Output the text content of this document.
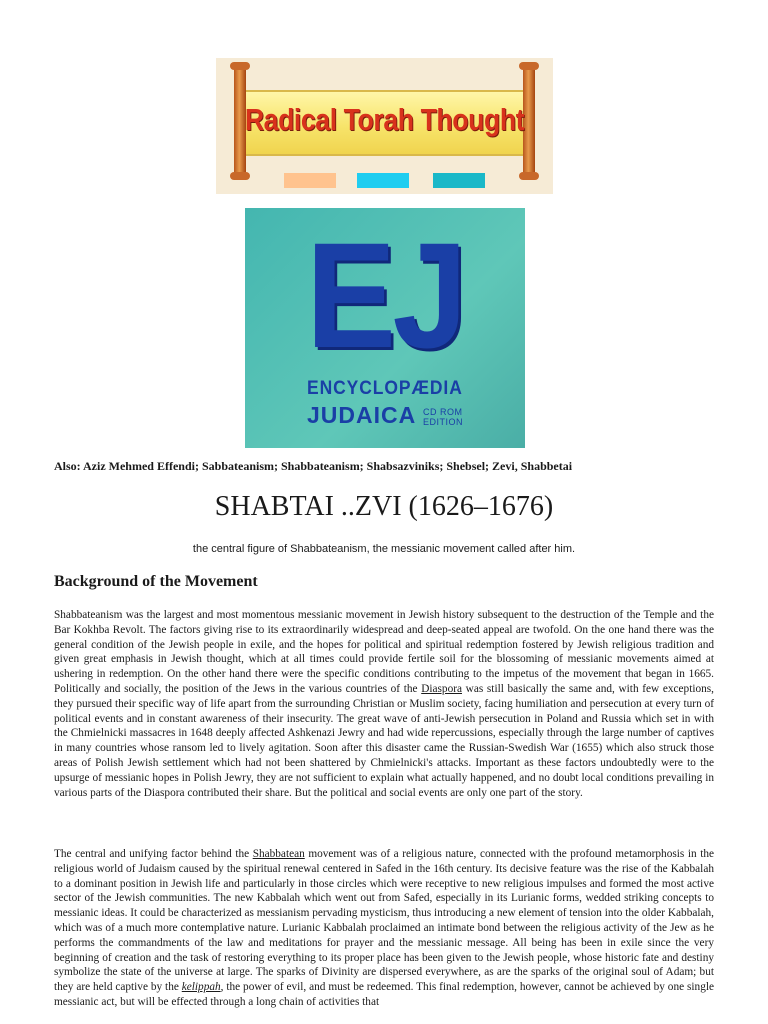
Radical Torah Thought
EJ
ENCYCLOPÆDIA
JUDAICA CD ROM EDITION
Also: Aziz Mehmed Effendi; Sabbateanism; Shabbateanism; Shabsazviniks; Shebsel; Zevi, Shabbetai
SHABTAI ..ZVI (1626–1676)
the central figure of Shabbateanism, the messianic movement called after him.
Background of the Movement

Shabbateanism was the largest and most momentous messianic movement in Jewish history subsequent to the destruction of the Temple and the Bar Kokhba Revolt. The factors giving rise to its extraordinarily widespread and deep-seated appeal are twofold. On the one hand there was the general condition of the Jewish people in exile, and the hopes for political and spiritual redemption fostered by Jewish religious tradition and given great emphasis in Jewish thought, which at all times could provide fertile soil for the blossoming of messianic movements aimed at ushering in redemption. On the other hand there were the specific conditions contributing to the impetus of the movement that began in 1665. Politically and socially, the position of the Jews in the various countries of the Diaspora was still basically the same and, with few exceptions, they pursued their specific way of life apart from the surrounding Christian or Muslim society, facing humiliation and persecution at every turn of political events and in constant awareness of their insecurity. The great wave of anti-Jewish persecution in Poland and Russia which set in with the Chmielnicki massacres in 1648 deeply affected Ashkenazi Jewry and had wide repercussions, especially through the large number of captives in many countries whose ransom led to lively agitation. Soon after this disaster came the Russian-Swedish War (1655) which also struck those areas of Polish Jewish settlement which had not been shattered by Chmielnicki's attacks. Important as these factors undoubtedly were to the upsurge of messianic hopes in Polish Jewry, they are not sufficient to explain what actually happened, and no doubt local conditions prevailing in various parts of the Diaspora contributed their share. But the political and social events are only one part of the story.

The central and unifying factor behind the Shabbatean movement was of a religious nature, connected with the profound metamorphosis in the religious world of Judaism caused by the spiritual renewal centered in Safed in the 16th century. Its decisive feature was the rise of the Kabbalah to a dominant position in Jewish life and particularly in those circles which were receptive to new religious impulses and formed the most active sector of the Jewish communities. The new Kabbalah which went out from Safed, especially in its Lurianic forms, wedded striking concepts to messianic ideas. It could be characterized as messianism pervading mysticism, thus introducing a new element of tension into the older Kabbalah, which was of a much more contemplative nature. Lurianic Kabbalah proclaimed an intimate bond between the religious activity of the Jew as he performs the commandments of the law and meditations for prayer and the messianic message. All being has been in exile since the very beginning of creation and the task of restoring everything to its proper place has been given to the Jewish people, whose historic fate and destiny symbolize the state of the universe at large. The sparks of Divinity are dispersed everywhere, as are the sparks of the original soul of Adam; but they are held captive by the kelippah, the power of evil, and must be redeemed. This final redemption, however, cannot be achieved by one single messianic act, but will be effected through a long chain of activities that
